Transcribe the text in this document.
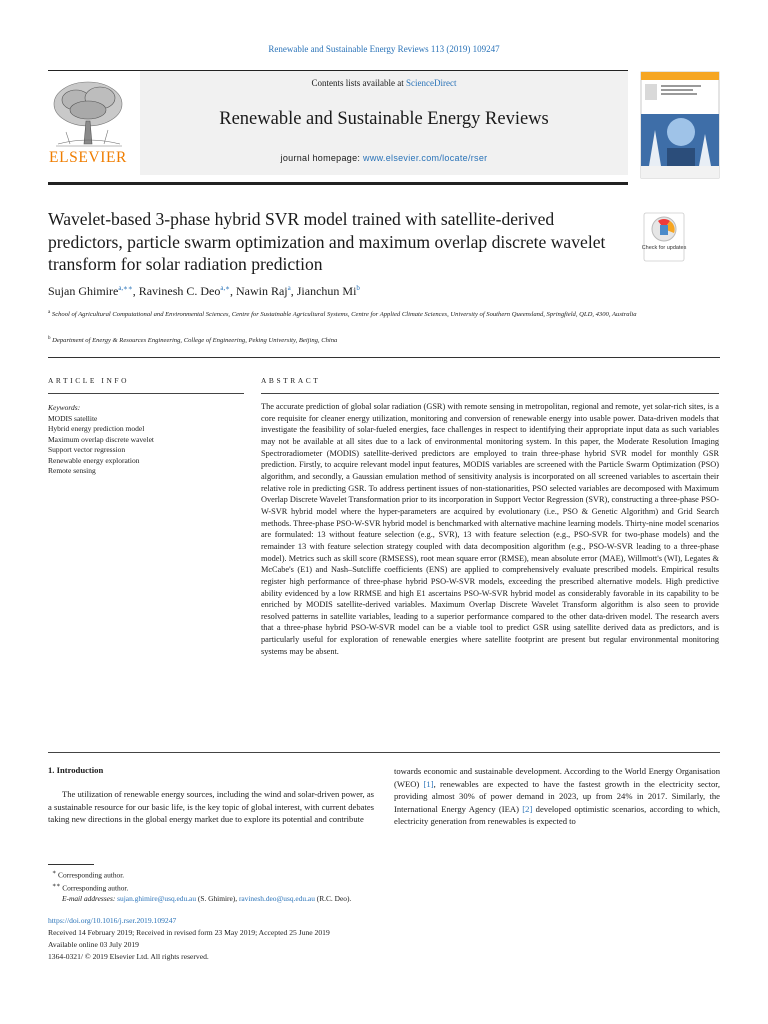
Renewable and Sustainable Energy Reviews 113 (2019) 109247
Contents lists available at ScienceDirect
Renewable and Sustainable Energy Reviews
journal homepage: www.elsevier.com/locate/rser
ELSEVIER
Wavelet-based 3-phase hybrid SVR model trained with satellite-derived predictors, particle swarm optimization and maximum overlap discrete wavelet transform for solar radiation prediction
Check for updates
Sujan Ghimire$^{a,∗∗}$, Ravinesh C. Deo$^{a,∗}$, Nawin Raj$^a$, Jianchun Mi$^b$
$^a$ School of Agricultural Computational and Environmental Sciences, Centre for Sustainable Agricultural Systems, Centre for Applied Climate Sciences, University of Southern Queensland, Springfield, QLD, 4300, Australia
$^b$ Department of Energy & Resources Engineering, College of Engineering, Peking University, Beijing, China
ARTICLE INFO	ABSTRACT
Keywords:
MODIS satellite
Hybrid energy prediction model
Maximum overlap discrete wavelet
Support vector regression
Renewable energy exploration
Remote sensing

The accurate prediction of global solar radiation (GSR) with remote sensing in metropolitan, regional and remote, yet solar-rich sites, is a core requisite for cleaner energy utilization, monitoring and conversion of renewable energy into usable power. Data-driven models that investigate the feasibility of solar-fueled energies, face challenges in respect to identifying their appropriate input data as such variables may not be available at all sites due to a lack of environmental monitoring system. In this paper, the Moderate Resolution Imaging Spectroradiometer (MODIS) satellite-derived predictors are employed to train three-phase hybrid SVR model for monthly GSR prediction. Firstly, to acquire relevant model input features, MODIS variables are screened with the Particle Swarm Optimization (PSO) algorithm, and secondly, a Gaussian emulation method of sensitivity analysis is incorporated on all screened variables to ascertain their relative role in predicting GSR. To address pertinent issues of non-stationarities, PSO selected variables are decomposed with Maximum Overlap Discrete Wavelet Transformation prior to its incorporation in Support Vector Regression (SVR), constructing a three-phase PSO-W-SVR hybrid model where the hyper-parameters are acquired by evolutionary (i.e., PSO & Genetic Algorithm) and Grid Search methods. Three-phase PSO-W-SVR hybrid model is benchmarked with alternative machine learning models. Thirty-nine model scenarios are formulated: 13 without feature selection (e.g., SVR), 13 with feature selection (e.g., PSO-SVR for two-phase models) and the remainder 13 with feature selection strategy coupled with data decomposition algorithm (e.g., PSO-W-SVR leading to a three-phase model). Metrics such as skill score (RMSESS), root mean square error (RMSE), mean absolute error (MAE), Willmott's (WI), Legates & McCabe's (E1) and Nash–Sutcliffe coefficients (ENS) are applied to comprehensively evaluate prescribed models. Empirical results register high performance of three-phase hybrid PSO-W-SVR models, exceeding the prescribed alternative models. High predictive ability evidenced by a low RRMSE and high E1 ascertains PSO-W-SVR hybrid model as considerably favorable in its capability to be enriched by MODIS satellite-derived variables. Maximum Overlap Discrete Wavelet Transform algorithm is also seen to provide resolved patterns in satellite variables, leading to a superior performance compared to the other data-driven model. The research avers that a three-phase hybrid PSO-W-SVR model can be a viable tool to predict GSR using satellite derived data as predictors, and is particularly useful for exploration of renewable energies where satellite footprint are present but regular environmental monitoring systems may be absent.

1. Introduction
The utilization of renewable energy sources, including the wind and solar-driven power, as a sustainable resource for our basic life, is the key topic of global interest, with current debates taking new directions in the global energy market due to explore its potential and contribute
towards economic and sustainable development. According to the World Energy Organisation (WEO) [1], renewables are expected to have the fastest growth in the electricity sector, providing almost 30% of power demand in 2023, up from 24% in 2017. Similarly, the International Energy Agency (IEA) [2] developed optimistic scenarios, according to which, electricity generation from renewables is expected to
∗ Corresponding author.
∗∗ Corresponding author.
E-mail addresses: sujan.ghimire@usq.edu.au (S. Ghimire), ravinesh.deo@usq.edu.au (R.C. Deo).
https://doi.org/10.1016/j.rser.2019.109247
Received 14 February 2019; Received in revised form 23 May 2019; Accepted 25 June 2019
Available online 03 July 2019
1364-0321/ © 2019 Elsevier Ltd. All rights reserved.
